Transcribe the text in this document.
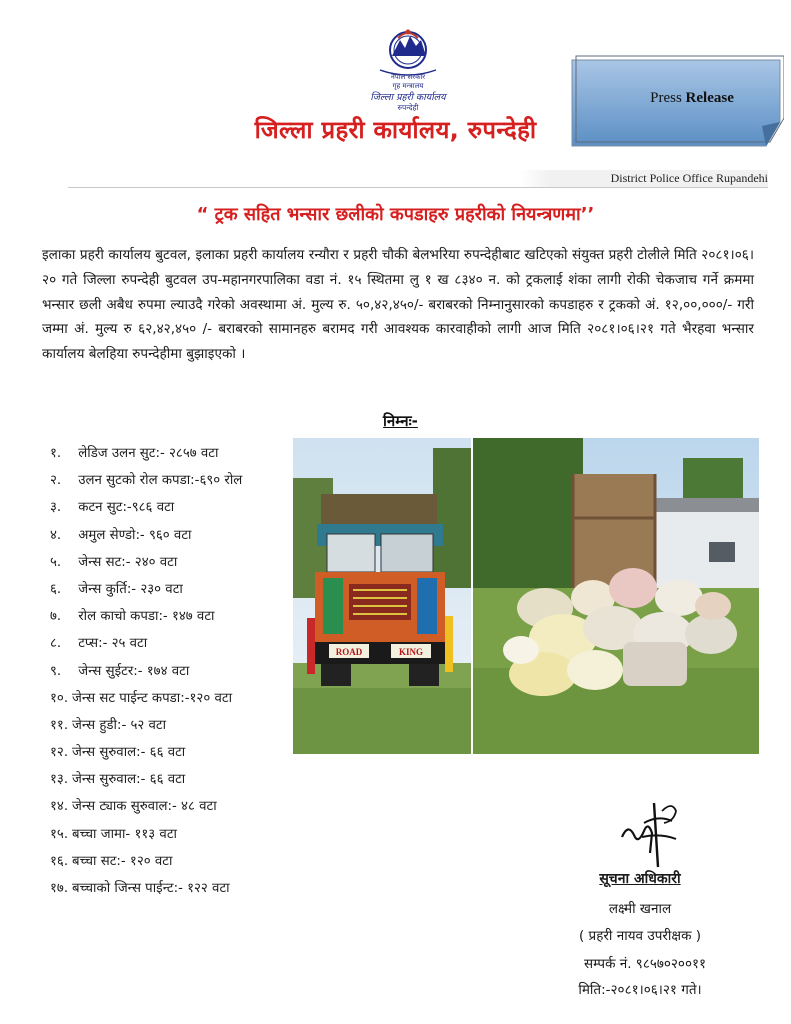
नेपाल सरकार
गृह मन्त्रालय
जिल्ला प्रहरी कार्यालय
रुपन्देही
जिल्ला प्रहरी कार्यालय, रुपन्देही
Press Release
District Police Office Rupandehi
“ ट्रक सहित भन्सार छलीको कपडाहरु प्रहरीको नियन्त्रणमा’’
इलाका प्रहरी कार्यालय बुटवल, इलाका प्रहरी कार्यालय रन्यौरा र प्रहरी चौकी बेलभरिया रुपन्देहीबाट खटिएको संयुक्त प्रहरी टोलीले मिति २०८१।०६।२० गते जिल्ला रुपन्देही बुटवल उप-महानगरपालिका वडा नं. १५ स्थितमा लु १ ख ८३४० न. को ट्रकलाई शंका लागी रोकी चेकजाच गर्ने क्रममा भन्सार छली अबैध रुपमा ल्याउदै गरेको अवस्थामा अं. मुल्य रु. ५०,४२,४५०/- बराबरको निम्नानुसारको कपडाहरु र ट्रकको अं. १२,००,०००/- गरी जम्मा अं. मुल्य रु ६२,४२,४५० /- बराबरको सामानहरु बरामद गरी आवश्यक कारवाहीको लागी आज मिति २०८१।०६।२१ गते भैरहवा भन्सार कार्यालय बेलहिया रुपन्देहीमा बुझाइएको ।
निम्नः-
१. लेडिज उलन सुट:- २८५७ वटा
२. उलन सुटको रोल कपडा:-६९० रोल
३. कटन सुट:-९८६ वटा
४. अमुल सेण्डो:- ९६० वटा
५. जेन्स सट:- २४० वटा
६. जेन्स कुर्ति:- २३० वटा
७. रोल काचो कपडा:- १४७ वटा
८. टप्स:- २५ वटा
९. जेन्स सुईटर:- १७४ वटा
१०. जेन्स सट पाईन्ट कपडा:-१२० वटा
११. जेन्स हुडी:- ५२ वटा
१२. जेन्स सुरुवाल:- ६६ वटा
१३. जेन्स सुरुवाल:- ६६ वटा
१४. जेन्स ट्याक सुरुवाल:- ४८ वटा
१५. बच्चा जामा- ११३ वटा
१६. बच्चा सट:- १२० वटा
१७. बच्चाको जिन्स पाईन्ट:- १२२ वटा
ROAD	KING
सूचना अधिकारी
लक्ष्मी खनाल
( प्रहरी नायव उपरीक्षक )
सम्पर्क नं. ९८५७०२००११
मिति:-२०८१।०६।२१ गते।
